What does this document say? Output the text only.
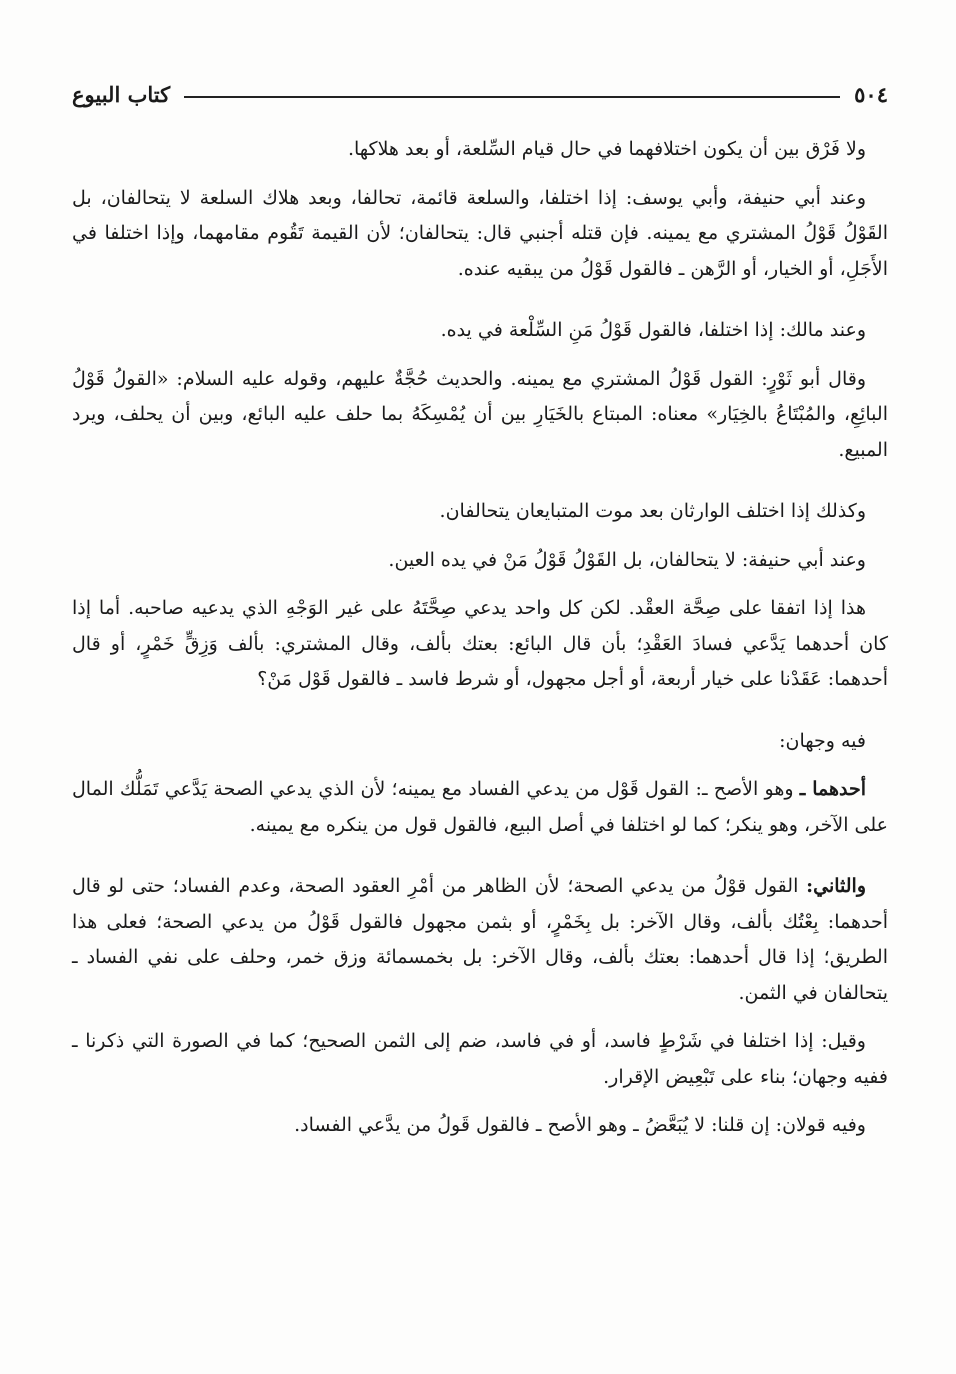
٥٠٤
كتاب البيوع

ولا فَرْق بين أن يكون اختلافهما في حال قيام السِّلعة، أو بعد هلاكها.

وعند أبي حنيفة، وأبي يوسف: إذا اختلفا، والسلعة قائمة، تحالفا، وبعد هلاك السلعة لا يتحالفان، بل القَوْلُ قَوْلُ المشتري مع يمينه. فإن قتله أجنبي قال: يتحالفان؛ لأن القيمة تَقُوم مقامهما، وإذا اختلفا في الأَجَلِ، أو الخيار، أو الرَّهن ـ فالقول قَوْلُ من يبقيه عنده.

وعند مالك: إذا اختلفا، فالقول قَوْلُ مَنِ السِّلْعة في يده.

وقال أبو ثَوْرٍ: القول قَوْلُ المشتري مع يمينه. والحديث حُجَّةٌ عليهم، وقوله عليه السلام: «القولُ قَوْلُ البائِعِ، والمُبْتَاعُ بالخِيَار» معناه: المبتاع بالخَيَارِ بين أن يُمْسِكَهُ بما حلف عليه البائع، وبين أن يحلف، ويرد المبيع.

وكذلك إذا اختلف الوارثان بعد موت المتبايعان يتحالفان.

وعند أبي حنيفة: لا يتحالفان، بل القَوْلُ قَوْلُ مَنْ في يده العين.

هذا إذا اتفقا على صِحَّة العقْد. لكن كل واحد يدعي صِحَّتَهُ على غير الوَجْهِ الذي يدعيه صاحبه. أما إذا كان أحدهما يَدَّعي فسادَ العَقْدِ؛ بأن قال البائع: بعتك بألف، وقال المشتري: بألف وَزِقٍّ خَمْرٍ، أو قال أحدهما: عَقَدْنا على خيار أربعة، أو أجل مجهول، أو شرط فاسد ـ فالقول قَوْل مَنْ؟

فيه وجهان:

أحدهما ـ وهو الأصح ـ: القول قَوْل من يدعي الفساد مع يمينه؛ لأن الذي يدعي الصحة يَدَّعي تَمَلُّك المال على الآخر، وهو ينكر؛ كما لو اختلفا في أصل البيع، فالقول قول من ينكره مع يمينه.

والثاني: القول قوْلُ من يدعي الصحة؛ لأن الظاهر من أمْرِ العقود الصحة، وعدم الفساد؛ حتى لو قال أحدهما: بِعْتُك بألف، وقال الآخر: بل بِخَمْرٍ، أو بثمن مجهول فالقول قَوْلُ من يدعي الصحة؛ فعلى هذا الطريق؛ إذا قال أحدهما: بعتك بألف، وقال الآخر: بل بخمسمائة وزق خمر، وحلف على نفي الفساد ـ يتحالفان في الثمن.

وقيل: إذا اختلفا في شَرْطٍ فاسد، أو في فاسد، ضم إلى الثمن الصحيح؛ كما في الصورة التي ذكرنا ـ ففيه وجهان؛ بناء على تَبْعِيض الإقرار.

وفيه قولان: إن قلنا: لا يُبَعَّضُ ـ وهو الأصح ـ فالقول قَولُ من يدَّعي الفساد.
